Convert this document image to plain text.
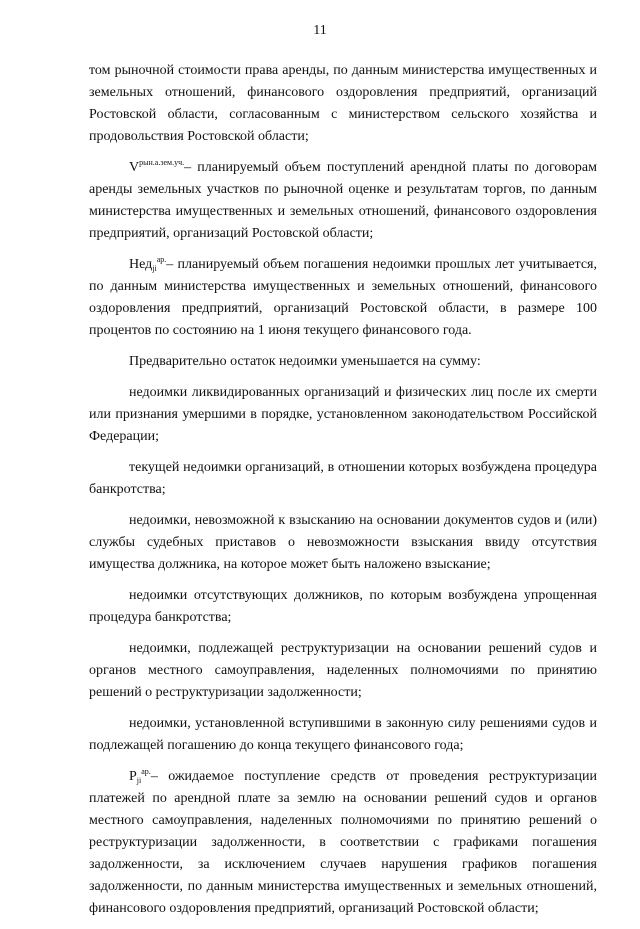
11

том рыночной стоимости права аренды, по данным министерства имущественных и земельных отношений, финансового оздоровления предприятий, организаций Ростовской области, согласованным с министерством сельского хозяйства и продовольствия Ростовской области;

$V^{рын.а.зем.уч.}-$ планируемый объем поступлений арендной платы по договорам аренды земельных участков по рыночной оценке и результатам торгов, по данным министерства имущественных и земельных отношений, финансового оздоровления предприятий, организаций Ростовской области;

Нед$_{ji}^{ар.}$– планируемый объем погашения недоимки прошлых лет учитывается, по данным министерства имущественных и земельных отношений, финансового оздоровления предприятий, организаций Ростовской области, в размере 100 процентов по состоянию на 1 июня текущего финансового года.

Предварительно остаток недоимки уменьшается на сумму:

недоимки ликвидированных организаций и физических лиц после их смерти или признания умершими в порядке, установленном законодательством Российской Федерации;

текущей недоимки организаций, в отношении которых возбуждена процедура банкротства;

недоимки, невозможной к взысканию на основании документов судов и (или) службы судебных приставов о невозможности взыскания ввиду отсутствия имущества должника, на которое может быть наложено взыскание;

недоимки отсутствующих должников, по которым возбуждена упрощенная процедура банкротства;

недоимки, подлежащей реструктуризации на основании решений судов и органов местного самоуправления, наделенных полномочиями по принятию решений о реструктуризации задолженности;

недоимки, установленной вступившими в законную силу решениями судов и подлежащей погашению до конца текущего финансового года;

$P_{ji}^{ар.}-$ ожидаемое поступление средств от проведения реструктуризации платежей по арендной плате за землю на основании решений судов и органов местного самоуправления, наделенных полномочиями по принятию решений о реструктуризации задолженности, в соответствии с графиками погашения задолженности, за исключением случаев нарушения графиков погашения задолженности, по данным министерства имущественных и земельных отношений, финансового оздоровления предприятий, организаций Ростовской области;
